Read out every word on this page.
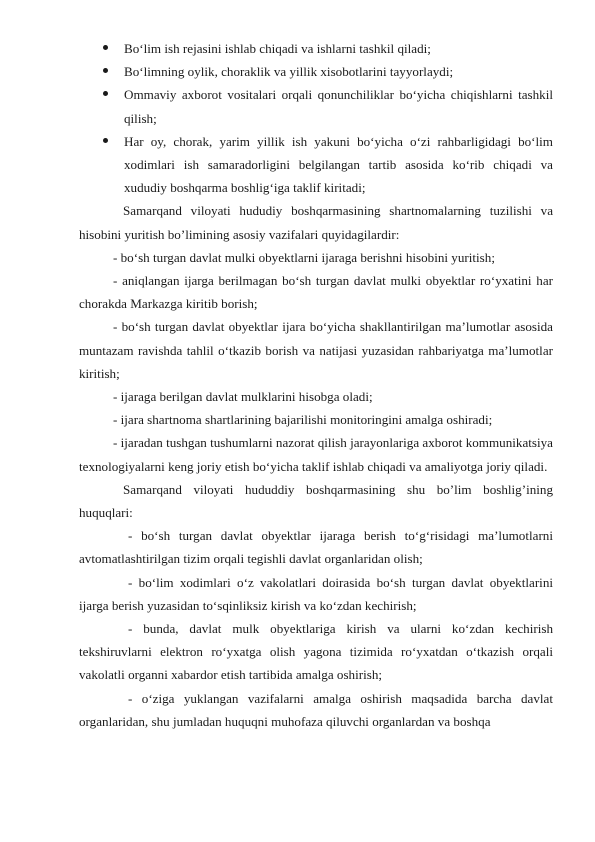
Bo‘lim ish rejasini ishlab chiqadi va ishlarni tashkil qiladi;
Bo‘limning oylik, choraklik va yillik xisobotlarini tayyorlaydi;
Ommaviy axborot vositalari orqali qonunchiliklar bo‘yicha chiqishlarni tashkil qilish;
Har oy, chorak, yarim yillik ish yakuni bo‘yicha o‘zi rahbarligidagi bo‘lim xodimlari ish samaradorligini belgilangan tartib asosida ko‘rib chiqadi va xududiy boshqarma boshlig‘iga taklif kiritadi;

Samarqand viloyati hududiy boshqarmasining shartnomalarning tuzilishi va hisobini yuritish bo’limining asosiy vazifalari quyidagilardir:

- bo‘sh turgan davlat mulki obyektlarni ijaraga berishni hisobini yuritish;

- aniqlangan ijarga berilmagan bo‘sh turgan davlat mulki obyektlar ro‘yxatini har chorakda Markazga kiritib borish;

- bo‘sh turgan davlat obyektlar ijara bo‘yicha shakllantirilgan ma’lumotlar asosida muntazam ravishda tahlil o‘tkazib borish va natijasi yuzasidan rahbariyatga ma’lumotlar kiritish;

- ijaraga berilgan davlat mulklarini hisobga oladi;

- ijara shartnoma shartlarining bajarilishi monitoringini amalga oshiradi;

- ijaradan tushgan tushumlarni nazorat qilish jarayonlariga axborot kommunikatsiya texnologiyalarni keng joriy etish bo‘yicha taklif ishlab chiqadi va amaliyotga joriy qiladi.

Samarqand viloyati hududdiy boshqarmasining shu bo’lim boshlig’ining huquqlari:

- bo‘sh turgan davlat obyektlar ijaraga berish to‘g‘risidagi ma’lumotlarni avtomatlashtirilgan tizim orqali tegishli davlat organlaridan olish;

- bo‘lim xodimlari o‘z vakolatlari doirasida bo‘sh turgan davlat obyektlarini ijarga berish yuzasidan to‘sqinliksiz kirish va ko‘zdan kechirish;

- bunda, davlat mulk obyektlariga kirish va ularni ko‘zdan kechirish tekshiruvlarni elektron ro‘yxatga olish yagona tizimida ro‘yxatdan o‘tkazish orqali vakolatli organni xabardor etish tartibida amalga oshirish;

- o‘ziga yuklangan vazifalarni amalga oshirish maqsadida barcha davlat organlaridan, shu jumladan huquqni muhofaza qiluvchi organlardan va boshqa
